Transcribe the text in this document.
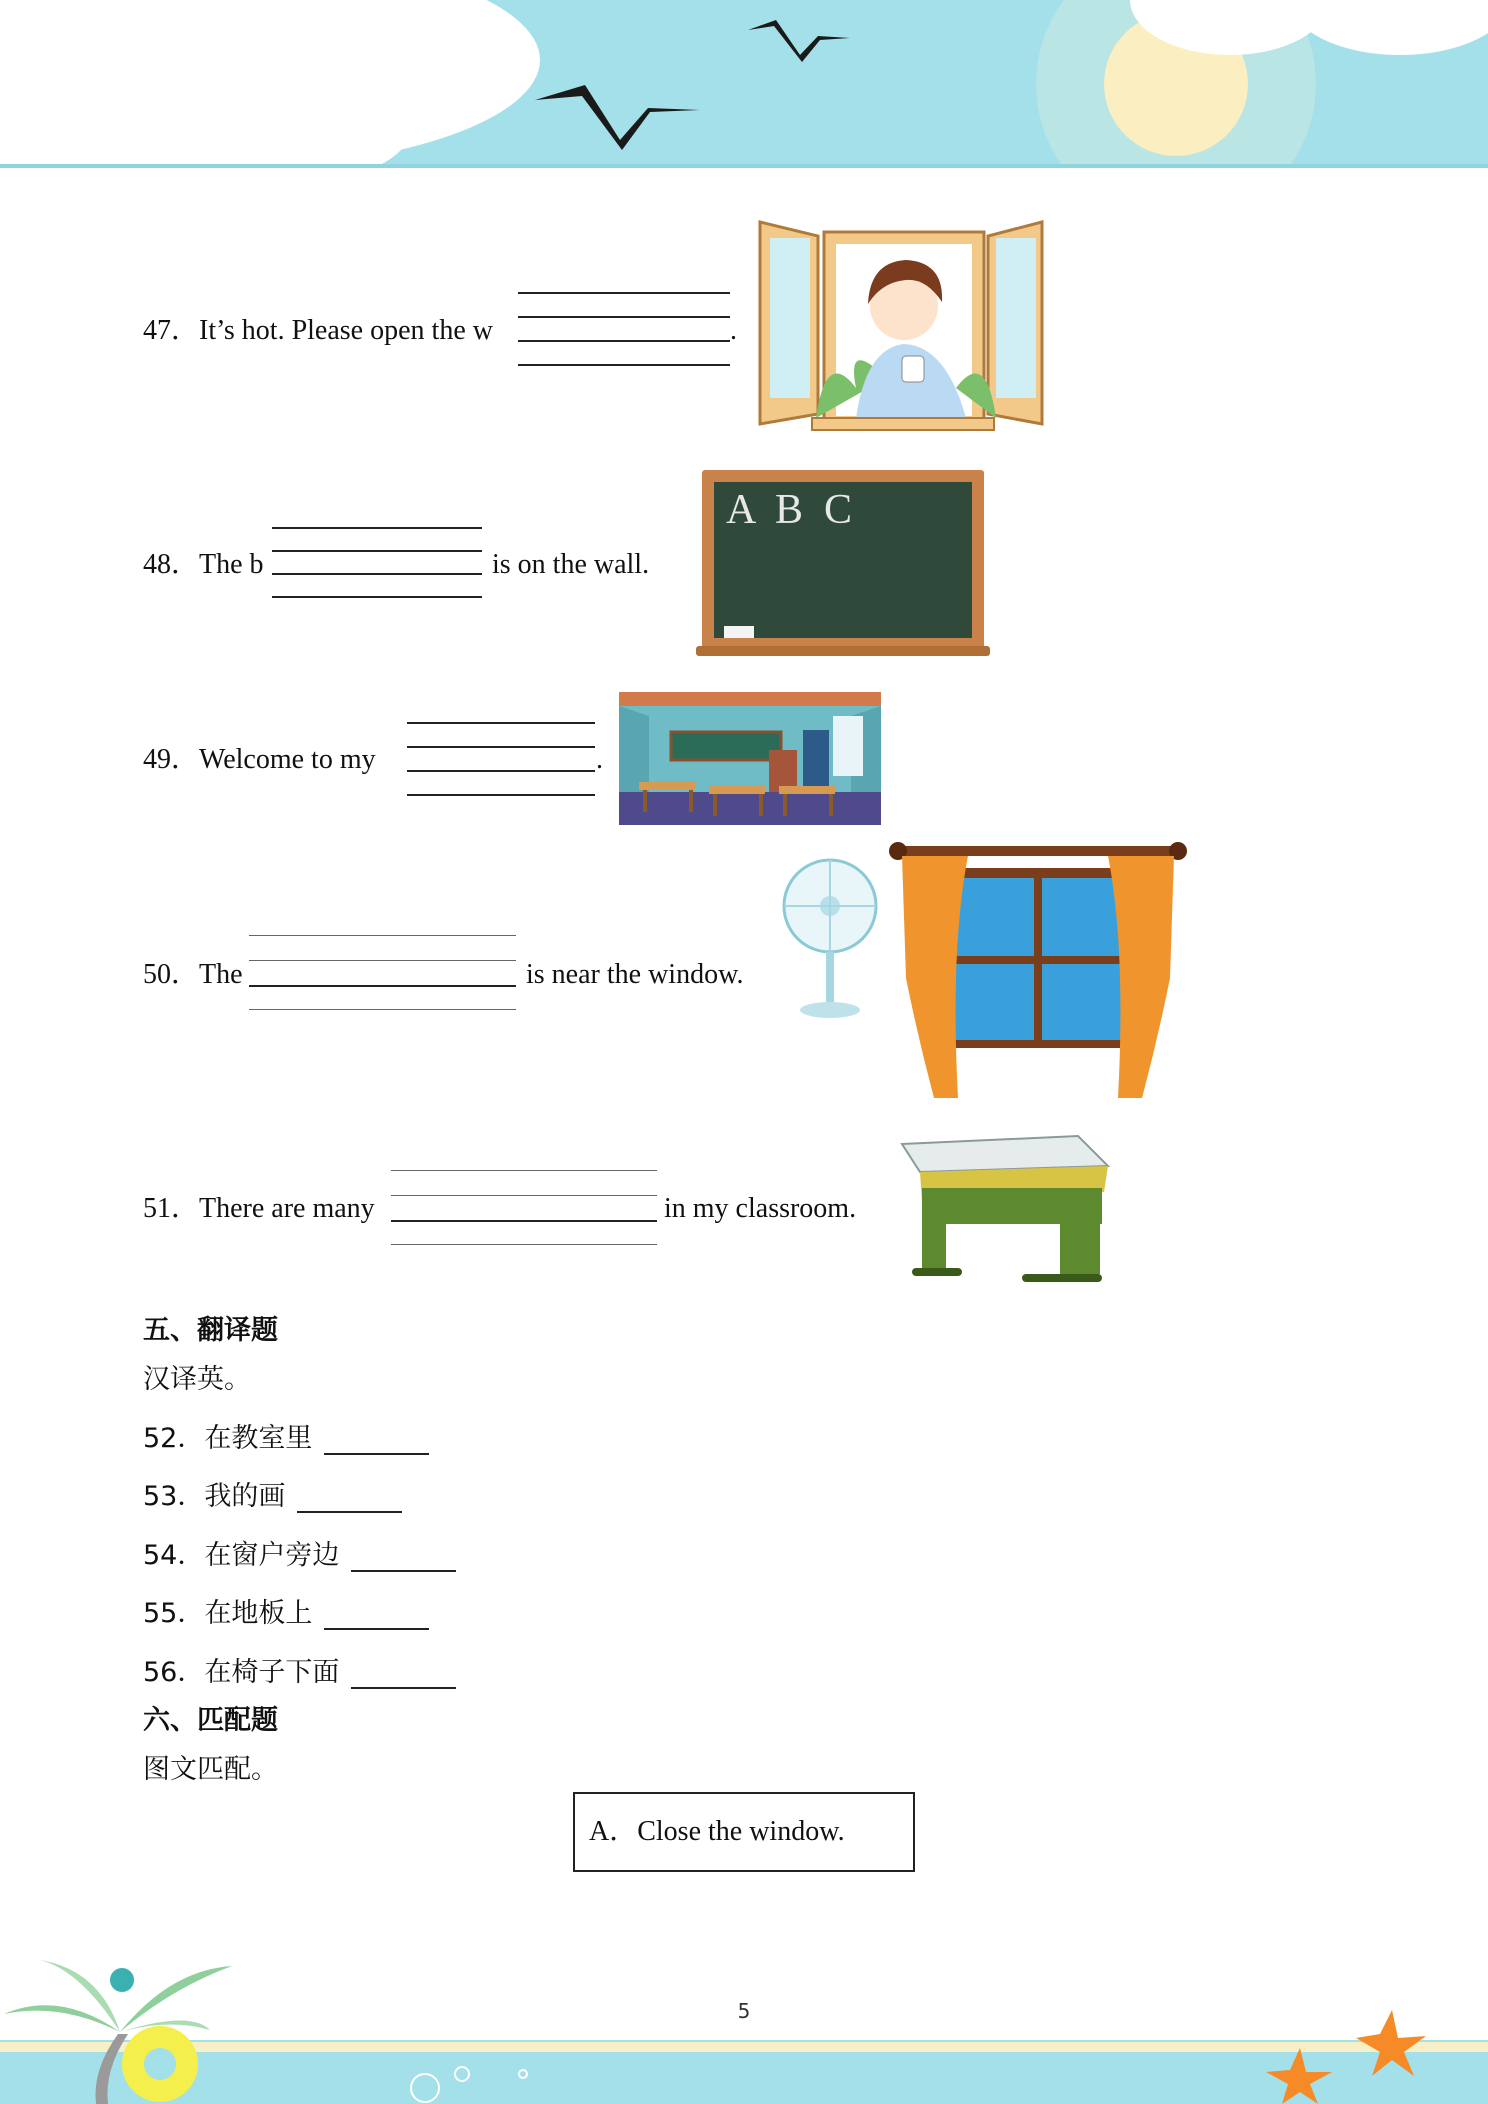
47．It’s hot. Please open the w	.
48．The b	is on the wall.
A  B  C
49．Welcome to my	.
50．The	is near the window.
51．There are many	in my classroom.
五、翻译题
汉译英。
52．在教室里
53．我的画
54．在窗户旁边
55．在地板上
56．在椅子下面
六、匹配题
图文匹配。
A．Close the window.
5
